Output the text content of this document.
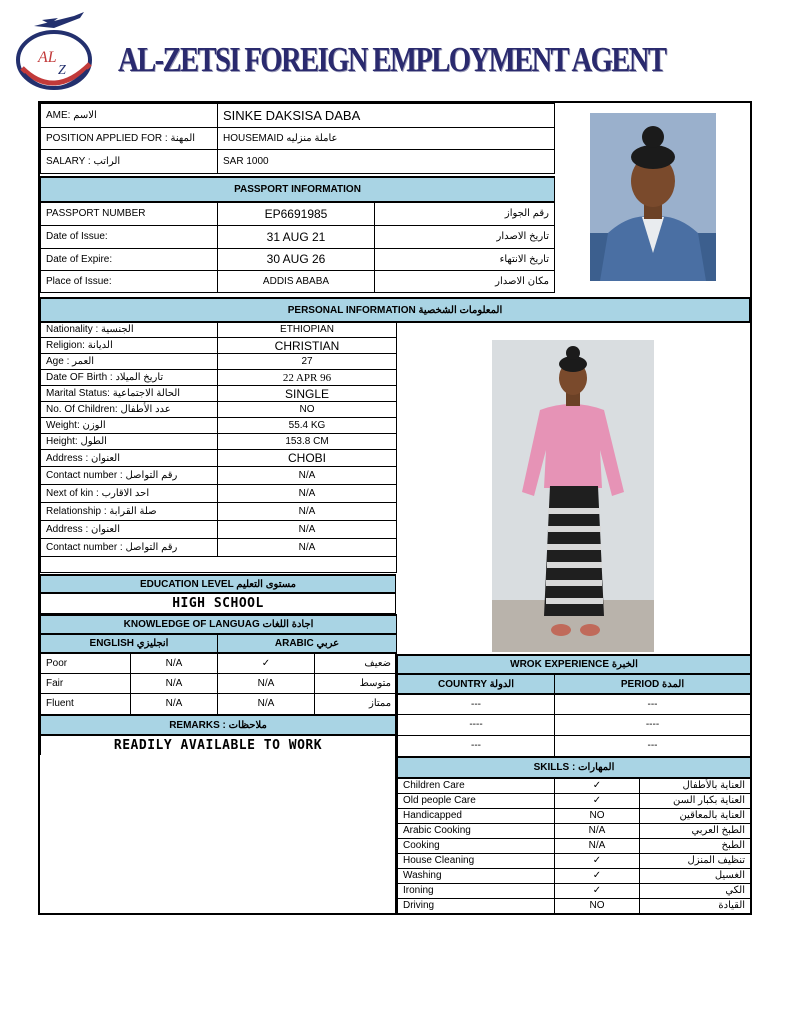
AL
Z AL-ZETSI FOREIGN EMPLOYMENT AGENT
AME: الاسم	SINKE DAKSISA DABA
POSITION APPLIED FOR : المهنة	HOUSEMAID عاملة منزليه
SALARY : الراتب	SAR 1000
PASSPORT INFORMATION		
PASSPORT NUMBER	EP6691985	رقم الجواز
Date of Issue:	31 AUG 21	تاريخ الاصدار
Date of Expire:	30 AUG 26	تاريخ الانتهاء
Place of Issue:	ADDIS ABABA	مكان الاصدار
PERSONAL INFORMATION المعلومات الشخصية
Nationality : الجنسية	ETHIOPIAN
Religion: الديانة	CHRISTIAN
Age : العمر	27
Date OF Birth : تاريخ الميلاد	22 APR 96
Marital Status: الحالة الاجتماعية	SINGLE
No. Of Children: عدد الأطفال	NO
Weight: الوزن	55.4 KG
Height: الطول	153.8 CM
Address : العنوان	CHOBI
Contact number : رقم التواصل	N/A
Next of kin : احد الاقارب	N/A
Relationship : صلة القرابة	N/A
Address : العنوان	N/A
Contact number : رقم التواصل	N/A

EDUCATION LEVEL مستوى التعليم
HIGH SCHOOL
KNOWLEDGE OF LANGUAG اجادة اللغات			
ENGLISH انجليزي		ARABIC عربي	
Poor	N/A	✓	ضعيف
Fair	N/A	N/A	متوسط
Fluent	N/A	N/A	ممتاز
REMARKS : ملاحظات
READILY AVAILABLE TO WORK
WROK EXPERIENCE الخبرة	
COUNTRY الدولة	PERIOD المدة
---	---
----	----
---	---
SKILLS : المهارات		
Children Care	✓	العناية بالأطفال
Old people Care	✓	العناية بكبار السن
Handicapped	NO	العناية بالمعاقين
Arabic Cooking	N/A	الطبخ العربي
Cooking	N/A	الطبخ
House Cleaning	✓	تنظيف المنزل
Washing	✓	الغسيل
Ironing	✓	الكي
Driving	NO	القيادة
